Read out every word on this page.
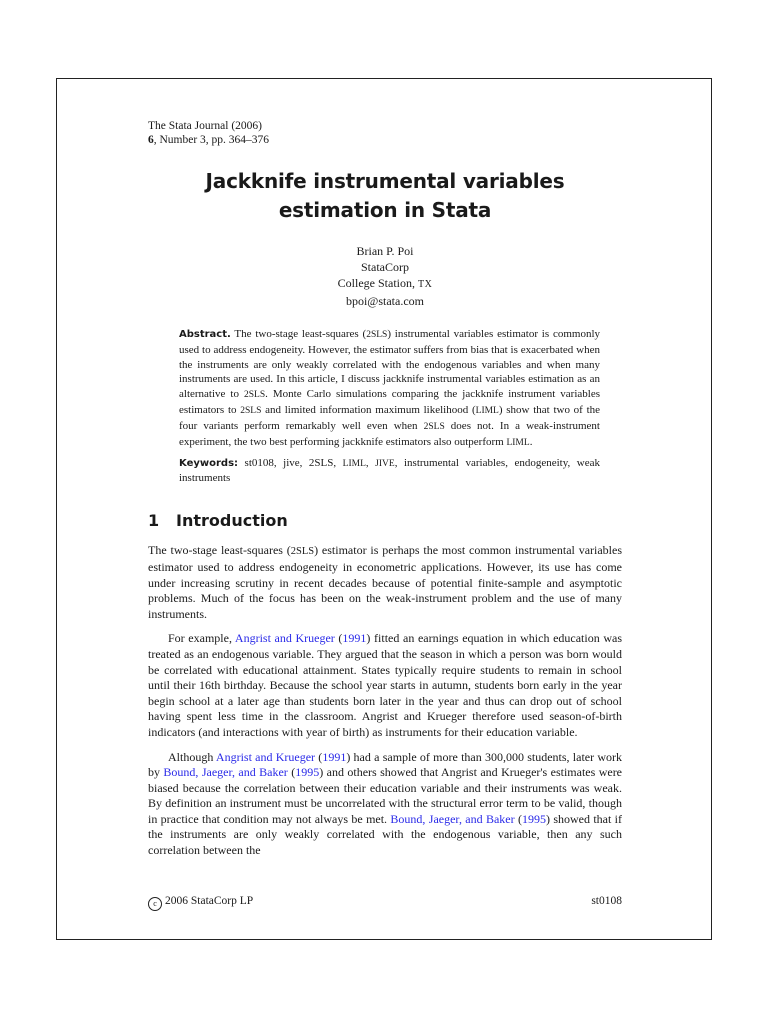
The Stata Journal (2006)
6, Number 3, pp. 364–376
Jackknife instrumental variables estimation in Stata
Brian P. Poi
StataCorp
College Station, TX
bpoi@stata.com

Abstract. The two-stage least-squares (2SLS) instrumental variables estimator is commonly used to address endogeneity. However, the estimator suffers from bias that is exacerbated when the instruments are only weakly correlated with the endogenous variables and when many instruments are used. In this article, I discuss jackknife instrumental variables estimation as an alternative to 2SLS. Monte Carlo simulations comparing the jackknife instrument variables estimators to 2SLS and limited information maximum likelihood (LIML) show that two of the four variants perform remarkably well even when 2SLS does not. In a weak-instrument experiment, the two best performing jackknife estimators also outperform LIML.

Keywords: st0108, jive, 2SLS, LIML, JIVE, instrumental variables, endogeneity, weak instruments

1 Introduction

The two-stage least-squares (2SLS) estimator is perhaps the most common instrumental variables estimator used to address endogeneity in econometric applications. However, its use has come under increasing scrutiny in recent decades because of potential finite-sample and asymptotic problems. Much of the focus has been on the weak-instrument problem and the use of many instruments.

For example, Angrist and Krueger (1991) fitted an earnings equation in which education was treated as an endogenous variable. They argued that the season in which a person was born would be correlated with educational attainment. States typically require students to remain in school until their 16th birthday. Because the school year starts in autumn, students born early in the year begin school at a later age than students born later in the year and thus can drop out of school having spent less time in the classroom. Angrist and Krueger therefore used season-of-birth indicators (and interactions with year of birth) as instruments for their education variable.

Although Angrist and Krueger (1991) had a sample of more than 300,000 students, later work by Bound, Jaeger, and Baker (1995) and others showed that Angrist and Krueger's estimates were biased because the correlation between their education variable and their instruments was weak. By definition an instrument must be uncorrelated with the structural error term to be valid, though in practice that condition may not always be met. Bound, Jaeger, and Baker (1995) showed that if the instruments are only weakly correlated with the endogenous variable, then any such correlation between the

c 2006 StataCorp LP	st0108
